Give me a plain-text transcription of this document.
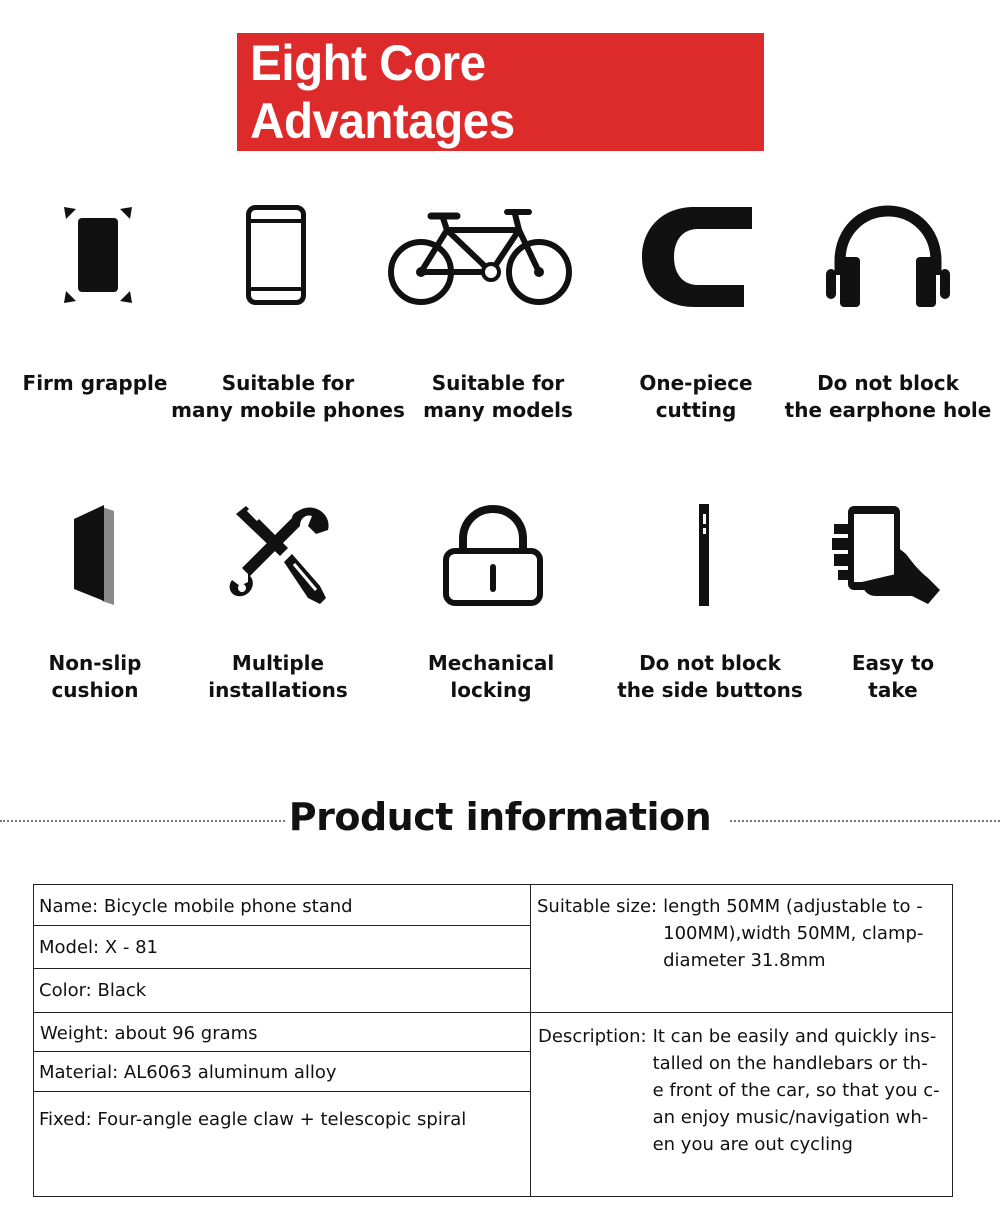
Eight Core Advantages
Firm grapple	Suitable for
many mobile phones
Suitable for
many models
One-piece
cutting
Do not block
the earphone hole
Non-slip
cushion
Multiple
installations
Mechanical
locking
Do not block
the side buttons
Easy to
take
Product information
Name: Bicycle mobile phone stand
Model: X - 81
Color: Black
Weight: about 96 grams
Material: AL6063 aluminum alloy
Fixed: Four-angle eagle claw + telescopic spiral
Suitable size: length 50MM (adjustable to -
100MM),width 50MM, clamp-
diameter 31.8mm
Description: It can be easily and quickly ins-
talled on the handlebars or th-
e front of the car, so that you c-
an enjoy music/navigation wh-
en you are out cycling
